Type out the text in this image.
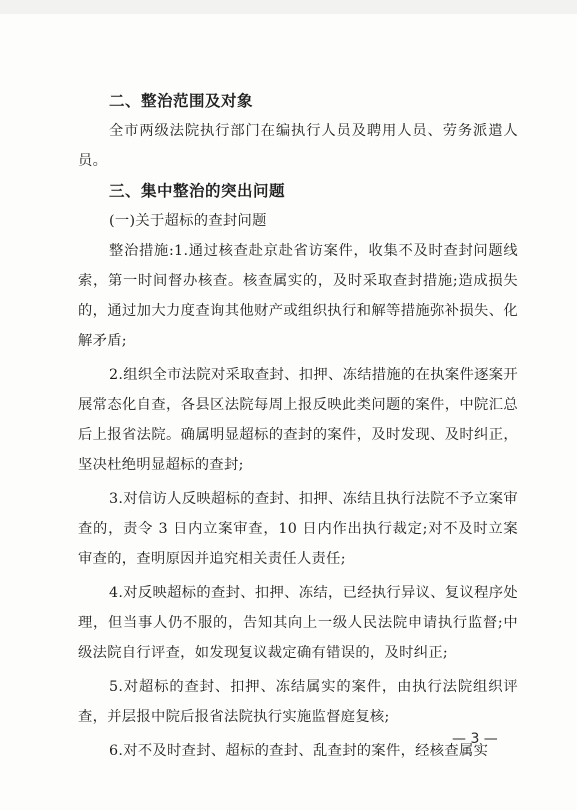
二、整治范围及对象

全市两级法院执行部门在编执行人员及聘用人员、劳务派遣人员。

三、集中整治的突出问题

(一)关于超标的查封问题

整治措施:1.通过核查赴京赴省访案件，收集不及时查封问题线索，第一时间督办核查。核查属实的，及时采取查封措施;造成损失的，通过加大力度查询其他财产或组织执行和解等措施弥补损失、化解矛盾;

2.组织全市法院对采取查封、扣押、冻结措施的在执案件逐案开展常态化自查，各县区法院每周上报反映此类问题的案件，中院汇总后上报省法院。确属明显超标的查封的案件，及时发现、及时纠正，坚决杜绝明显超标的查封;

3.对信访人反映超标的查封、扣押、冻结且执行法院不予立案审查的，责令 3 日内立案审查，10 日内作出执行裁定;对不及时立案审查的，查明原因并追究相关责任人责任;

4.对反映超标的查封、扣押、冻结，已经执行异议、复议程序处理，但当事人仍不服的，告知其向上一级人民法院申请执行监督;中级法院自行评查，如发现复议裁定确有错误的，及时纠正;

5.对超标的查封、扣押、冻结属实的案件，由执行法院组织评查，并层报中院后报省法院执行实施监督庭复核;

6.对不及时查封、超标的查封、乱查封的案件，经核查属实

— 3 —
